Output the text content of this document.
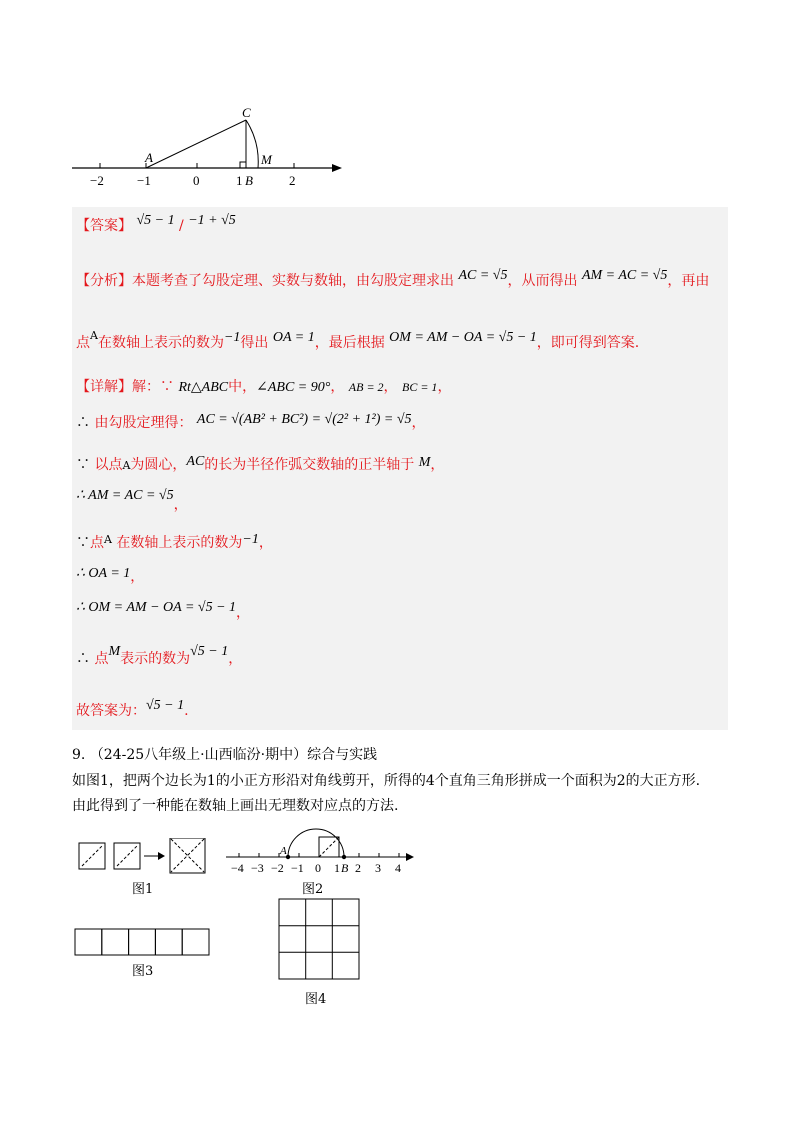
−2	−1	0	1	2
A
B
C
M
【答案】 √5 − 1 / −1 + √5
【分析】本题考查了勾股定理、实数与数轴，由勾股定理求出 AC = √5，从而得出 AM = AC = √5，再由
点$^A$在数轴上表示的数为−1得出 OA = 1，最后根据 OM = AM − OA = √5 − 1，即可得到答案.
【详解】解：∵ Rt△ABC中，∠ABC = 90°， AB = 2， BC = 1，
∴ 由勾股定理得： AC = √(AB² + BC²) = √(2² + 1²) = √5，
∵ 以点A为圆心，AC的长为半径作弧交数轴的正半轴于 M，
∴ AM = AC = √5，
∵点$^A$ 在数轴上表示的数为−1，
∴ OA = 1，
∴ OM = AM − OA = √5 − 1，
∴ 点M表示的数为√5 − 1，
故答案为：√5 − 1.
9. （24-25八年级上·山西临汾·期中）综合与实践
如图1，把两个边长为1的小正方形沿对角线剪开，所得的4个直角三角形拼成一个面积为2的大正方形.
由此得到了一种能在数轴上画出无理数对应点的方法.
图1
A
−4 −3 −2 −1 0 1 B 2 3 4
图2
图3
图4
